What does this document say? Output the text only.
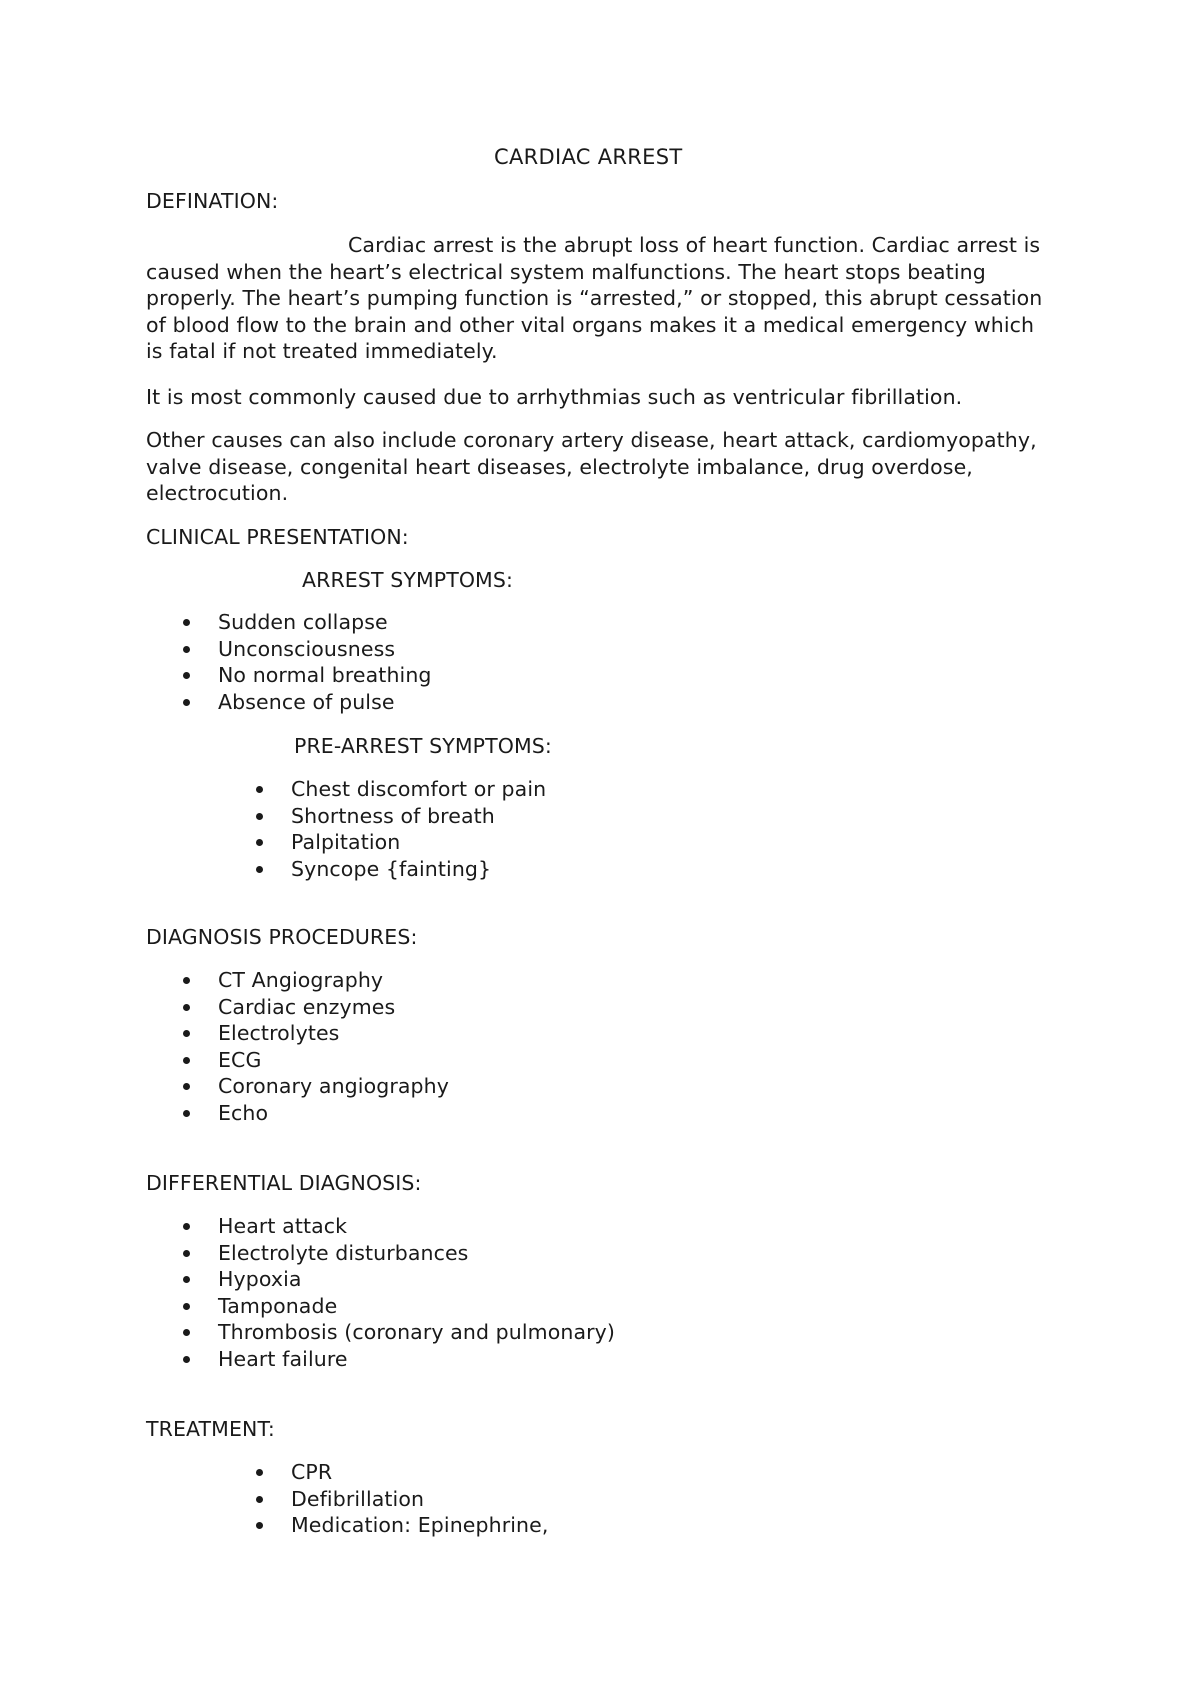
CARDIAC ARREST
DEFINATION:
Cardiac arrest is the abrupt loss of heart function. Cardiac arrest is caused when the heart’s electrical system malfunctions. The heart stops beating properly. The heart’s pumping function is “arrested,” or stopped, this abrupt cessation of blood flow to the brain and other vital organs makes it a medical emergency which is fatal if not treated immediately.
It is most commonly caused due to arrhythmias such as ventricular fibrillation.
Other causes can also include coronary artery disease, heart attack, cardiomyopathy, valve disease, congenital heart diseases, electrolyte imbalance, drug overdose, electrocution.
CLINICAL PRESENTATION:
ARREST SYMPTOMS:
Sudden collapse
Unconsciousness
No normal breathing
Absence of pulse
PRE-ARREST SYMPTOMS:
Chest discomfort or pain
Shortness of breath
Palpitation
Syncope {fainting}
DIAGNOSIS PROCEDURES:
CT Angiography
Cardiac enzymes
Electrolytes
ECG
Coronary angiography
Echo
DIFFERENTIAL DIAGNOSIS:
Heart attack
Electrolyte disturbances
Hypoxia
Tamponade
Thrombosis (coronary and pulmonary)
Heart failure
TREATMENT:
CPR
Defibrillation
Medication: Epinephrine,
